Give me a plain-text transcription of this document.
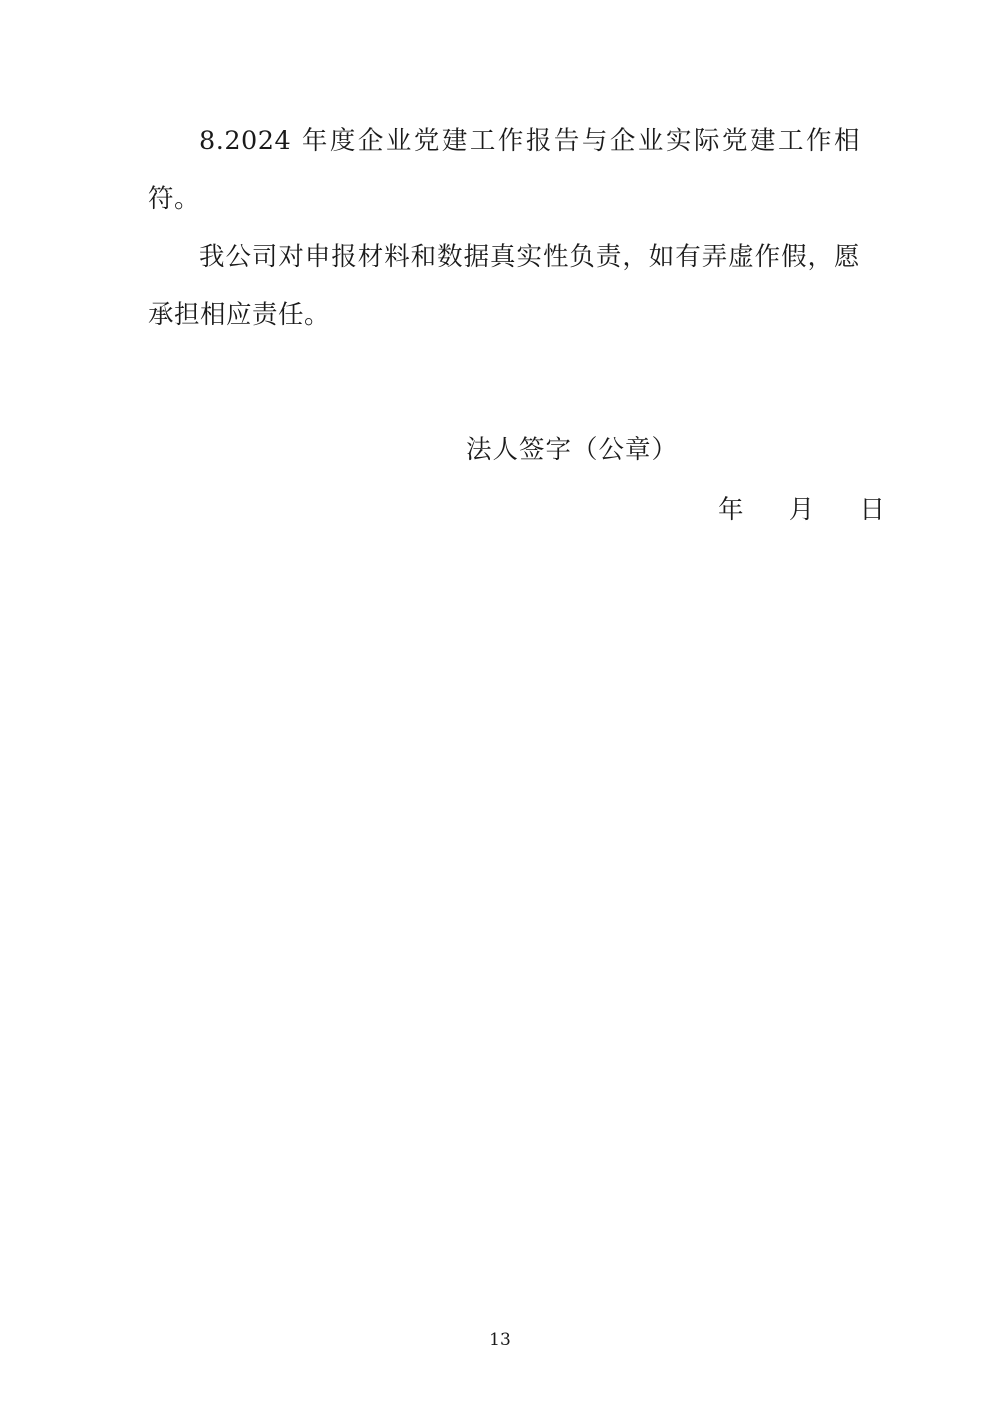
8.2024 年度企业党建工作报告与企业实际党建工作相符。

我公司对申报材料和数据真实性负责，如有弄虚作假，愿承担相应责任。

法人签字（公章）

年 月 日

13
